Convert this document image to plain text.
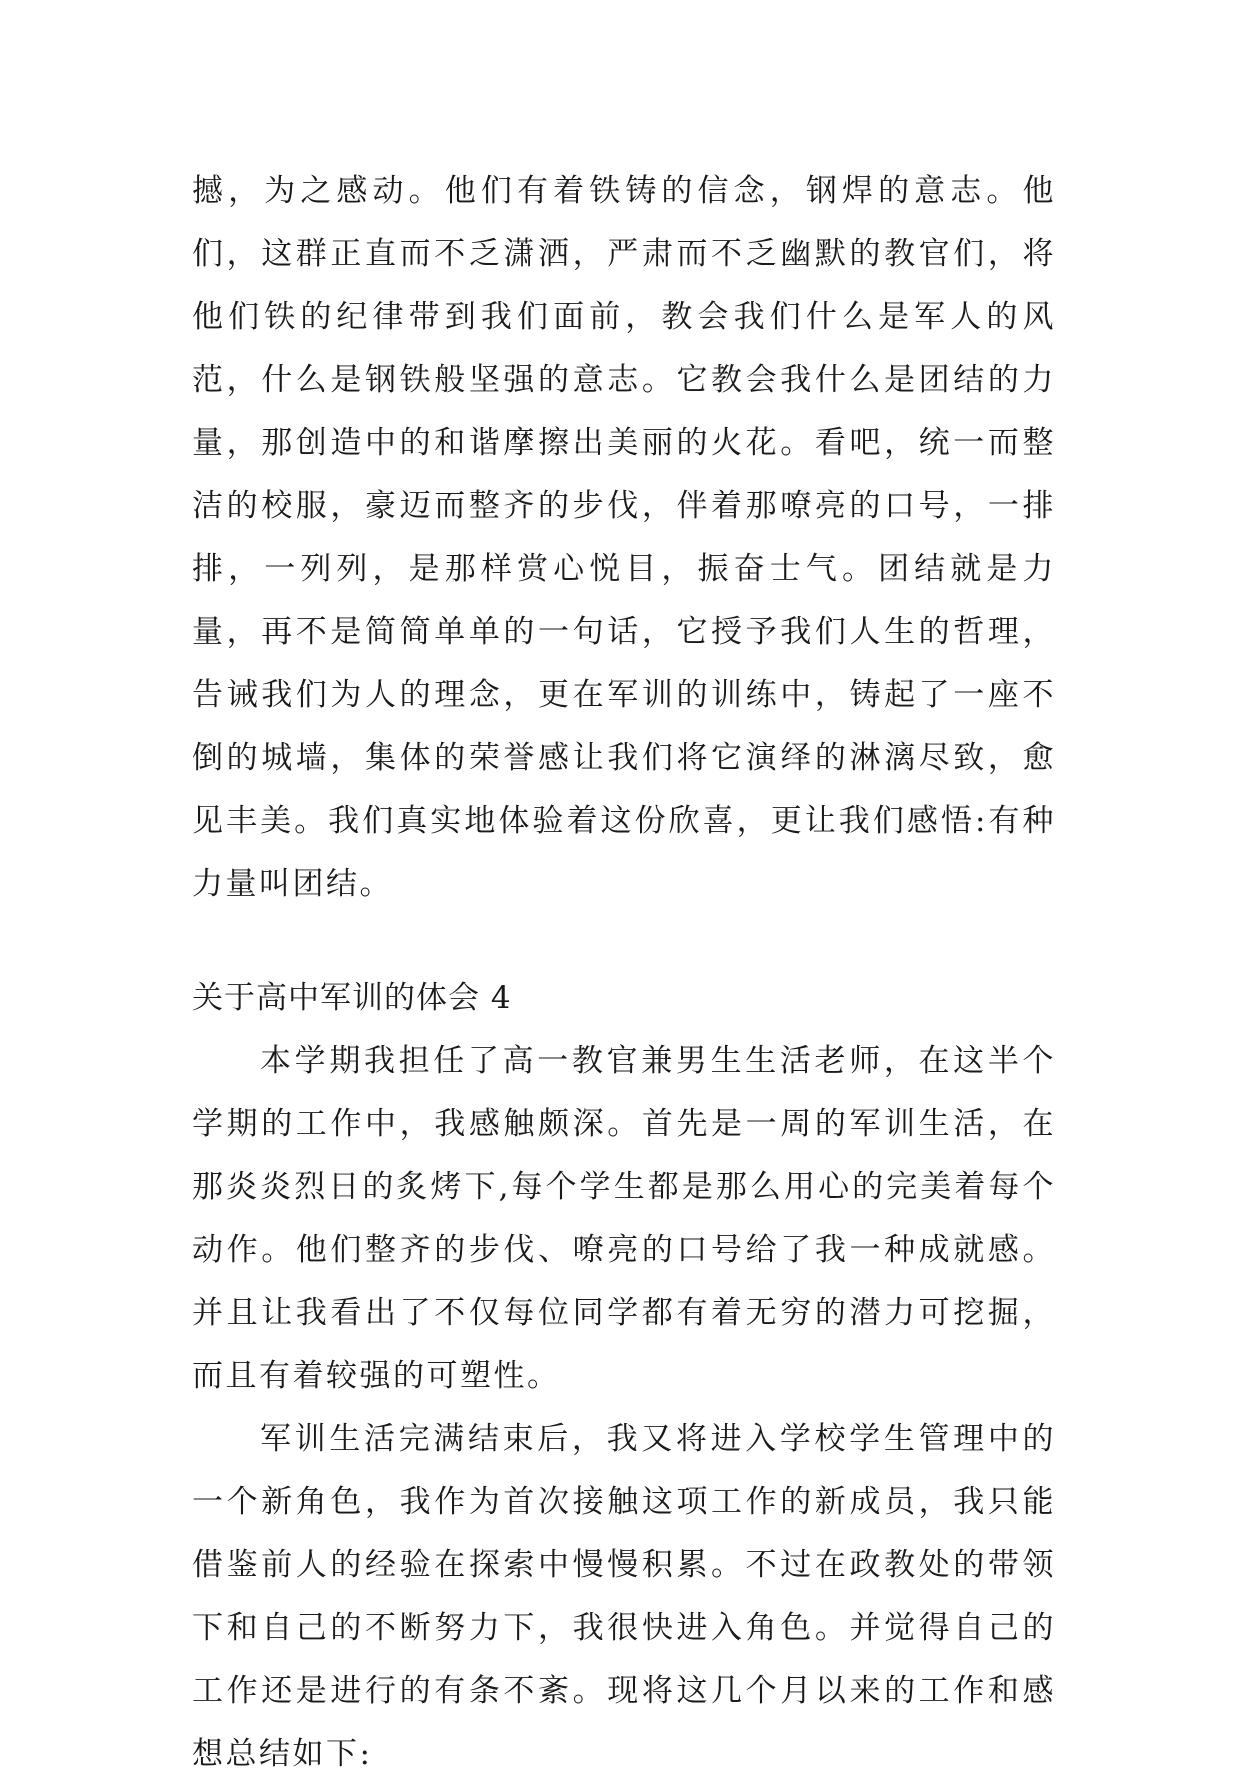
撼，为之感动。他们有着铁铸的信念，钢焊的意志。他们，这群正直而不乏潇洒，严肃而不乏幽默的教官们，将他们铁的纪律带到我们面前，教会我们什么是军人的风范，什么是钢铁般坚强的意志。它教会我什么是团结的力量，那创造中的和谐摩擦出美丽的火花。看吧，统一而整洁的校服，豪迈而整齐的步伐，伴着那嘹亮的口号，一排排，一列列，是那样赏心悦目，振奋士气。团结就是力量，再不是简简单单的一句话，它授予我们人生的哲理，告诫我们为人的理念，更在军训的训练中，铸起了一座不倒的城墙，集体的荣誉感让我们将它演绎的淋漓尽致，愈见丰美。我们真实地体验着这份欣喜，更让我们感悟:有种力量叫团结。

关于高中军训的体会 4

本学期我担任了高一教官兼男生生活老师，在这半个学期的工作中，我感触颇深。首先是一周的军训生活，在那炎炎烈日的炙烤下,每个学生都是那么用心的完美着每个动作。他们整齐的步伐、嘹亮的口号给了我一种成就感。并且让我看出了不仅每位同学都有着无穷的潜力可挖掘，而且有着较强的可塑性。

军训生活完满结束后，我又将进入学校学生管理中的一个新角色，我作为首次接触这项工作的新成员，我只能借鉴前人的经验在探索中慢慢积累。不过在政教处的带领下和自己的不断努力下，我很快进入角色。并觉得自己的工作还是进行的有条不紊。现将这几个月以来的工作和感想总结如下:
